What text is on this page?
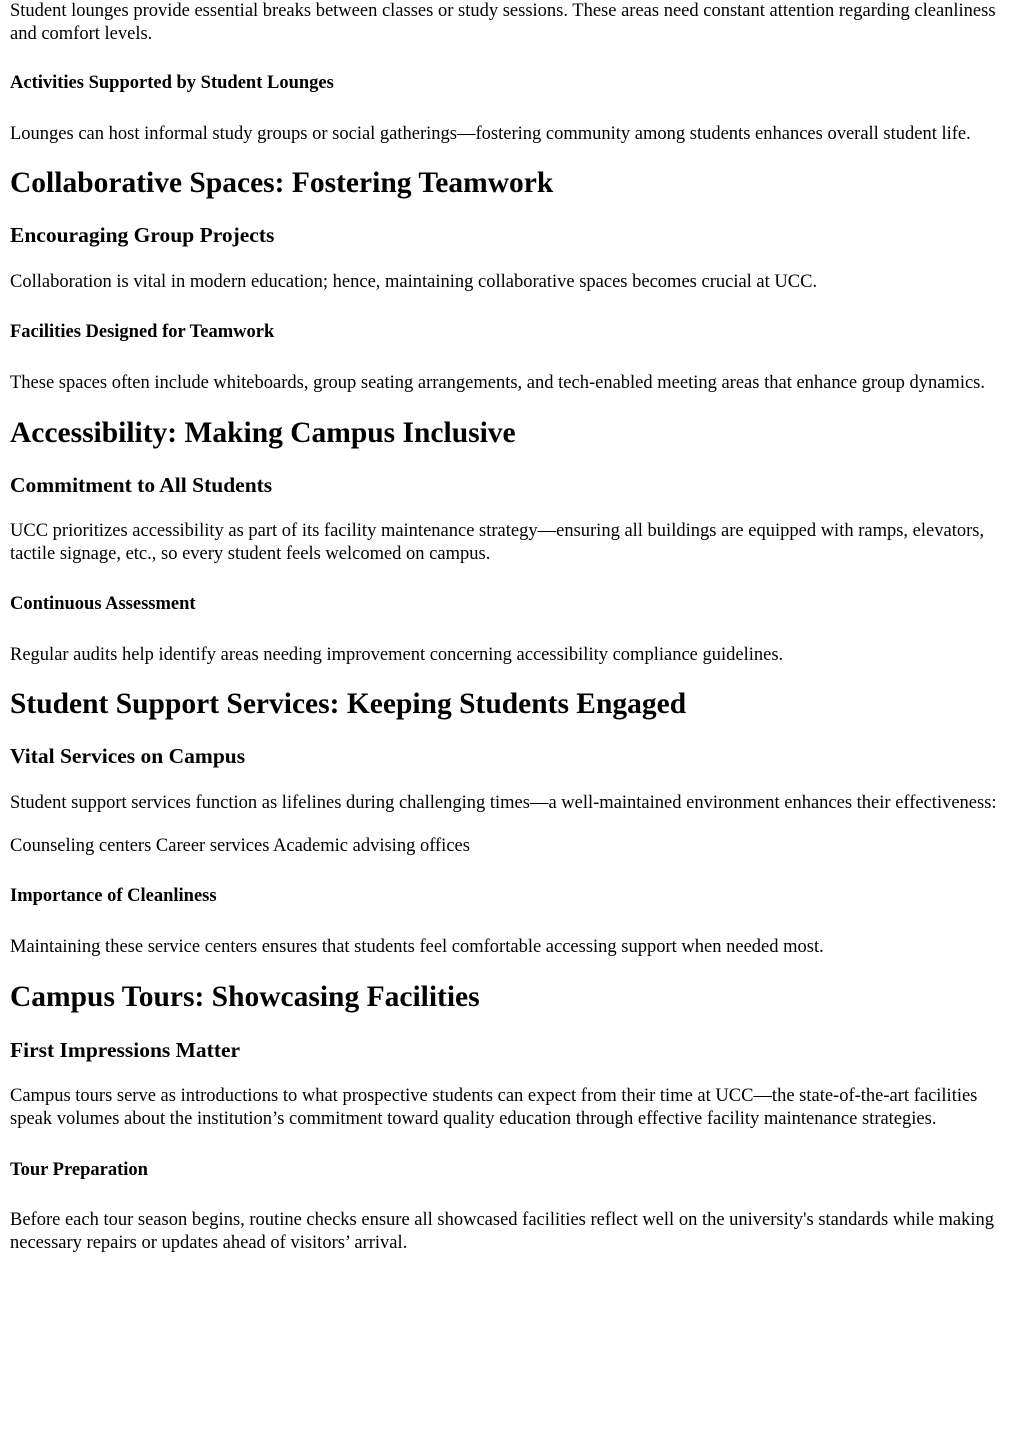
Student lounges provide essential breaks between classes or study sessions. These areas need constant attention regarding cleanliness and comfort levels.

Activities Supported by Student Lounges

Lounges can host informal study groups or social gatherings—fostering community among students enhances overall student life.

Collaborative Spaces: Fostering Teamwork
Encouraging Group Projects

Collaboration is vital in modern education; hence, maintaining collaborative spaces becomes crucial at UCC.

Facilities Designed for Teamwork

These spaces often include whiteboards, group seating arrangements, and tech-enabled meeting areas that enhance group dynamics.

Accessibility: Making Campus Inclusive
Commitment to All Students

UCC prioritizes accessibility as part of its facility maintenance strategy—ensuring all buildings are equipped with ramps, elevators, tactile signage, etc., so every student feels welcomed on campus.

Continuous Assessment

Regular audits help identify areas needing improvement concerning accessibility compliance guidelines.

Student Support Services: Keeping Students Engaged
Vital Services on Campus

Student support services function as lifelines during challenging times—a well-maintained environment enhances their effectiveness:

Counseling centers Career services Academic advising offices

Importance of Cleanliness

Maintaining these service centers ensures that students feel comfortable accessing support when needed most.

Campus Tours: Showcasing Facilities
First Impressions Matter

Campus tours serve as introductions to what prospective students can expect from their time at UCC—the state-of-the-art facilities speak volumes about the institution’s commitment toward quality education through effective facility maintenance strategies.

Tour Preparation

Before each tour season begins, routine checks ensure all showcased facilities reflect well on the university's standards while making necessary repairs or updates ahead of visitors’ arrival.
